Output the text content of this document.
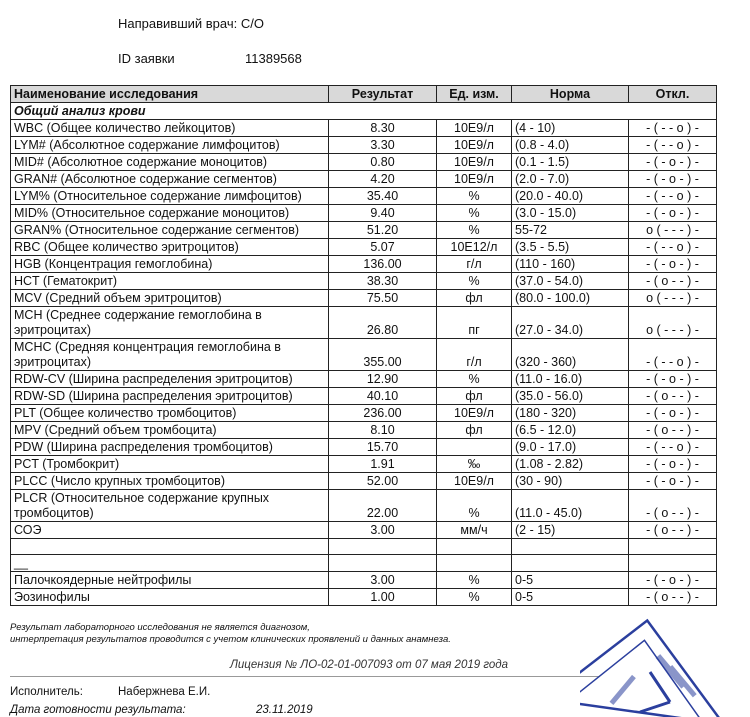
Направивший врач: С/О
ID заявки	11389568
Наименование исследования	Результат	Ед. изм.	Норма	Откл.
Общий анализ крови				
WBC (Общее количество лейкоцитов)	8.30	10E9/л	(4 - 10)	- ( - - o ) -
LYM# (Абсолютное содержание лимфоцитов)	3.30	10E9/л	(0.8 - 4.0)	- ( - - o ) -
MID# (Абсолютное содержание моноцитов)	0.80	10E9/л	(0.1 - 1.5)	- ( - o - ) -
GRAN# (Абсолютное содержание сегментов)	4.20	10E9/л	(2.0 - 7.0)	- ( - o - ) -
LYM% (Относительное содержание лимфоцитов)	35.40	%	(20.0 - 40.0)	- ( - - o ) -
MID% (Относительное содержание моноцитов)	9.40	%	(3.0 - 15.0)	- ( - o - ) -
GRAN% (Относительное содержание сегментов)	51.20	%	55-72	o ( - - - ) -
RBC (Общее количество эритроцитов)	5.07	10E12/л	(3.5 - 5.5)	- ( - - o ) -
HGB (Концентрация гемоглобина)	136.00	г/л	(110 - 160)	- ( - o - ) -
HCT (Гематокрит)	38.30	%	(37.0 - 54.0)	- ( o - - ) -
MCV (Средний объем эритроцитов)	75.50	фл	(80.0 - 100.0)	o ( - - - ) -
MCH (Среднее содержание гемоглобина в эритроцитах)	26.80	пг	(27.0 - 34.0)	o ( - - - ) -
MCHC (Средняя концентрация гемоглобина в эритроцитах)	355.00	г/л	(320 - 360)	- ( - - o ) -
RDW-CV (Ширина распределения эритроцитов)	12.90	%	(11.0 - 16.0)	- ( - o - ) -
RDW-SD (Ширина распределения эритроцитов)	40.10	фл	(35.0 - 56.0)	- ( o - - ) -
PLT (Общее количество тромбоцитов)	236.00	10E9/л	(180 - 320)	- ( - o - ) -
MPV (Средний объем тромбоцита)	8.10	фл	(6.5 - 12.0)	- ( o - - ) -
PDW (Ширина распределения тромбоцитов)	15.70		(9.0 - 17.0)	- ( - - o ) -
PCT (Тромбокрит)	1.91	‰	(1.08 - 2.82)	- ( - o - ) -
PLCC (Число крупных тромбоцитов)	52.00	10E9/л	(30 - 90)	- ( - o - ) -
PLCR (Относительное содержание крупных тромбоцитов)	22.00	%	(11.0 - 45.0)	- ( o - - ) -
СОЭ	3.00	мм/ч	(2 - 15)	- ( o - - ) -

__				
Палочкоядерные нейтрофилы	3.00	%	0-5	- ( - o - ) -
Эозинофилы	1.00	%	0-5	- ( o - - ) -
Результат лабораторного исследования не является диагнозом,
интерпретация результатов проводится с учетом клинических проявлений и данных анамнеза.
Лицензия № ЛО-02-01-007093 от 07 мая 2019 года
Исполнитель:	Набержнева Е.И.
Дата готовности результата:	23.11.2019
